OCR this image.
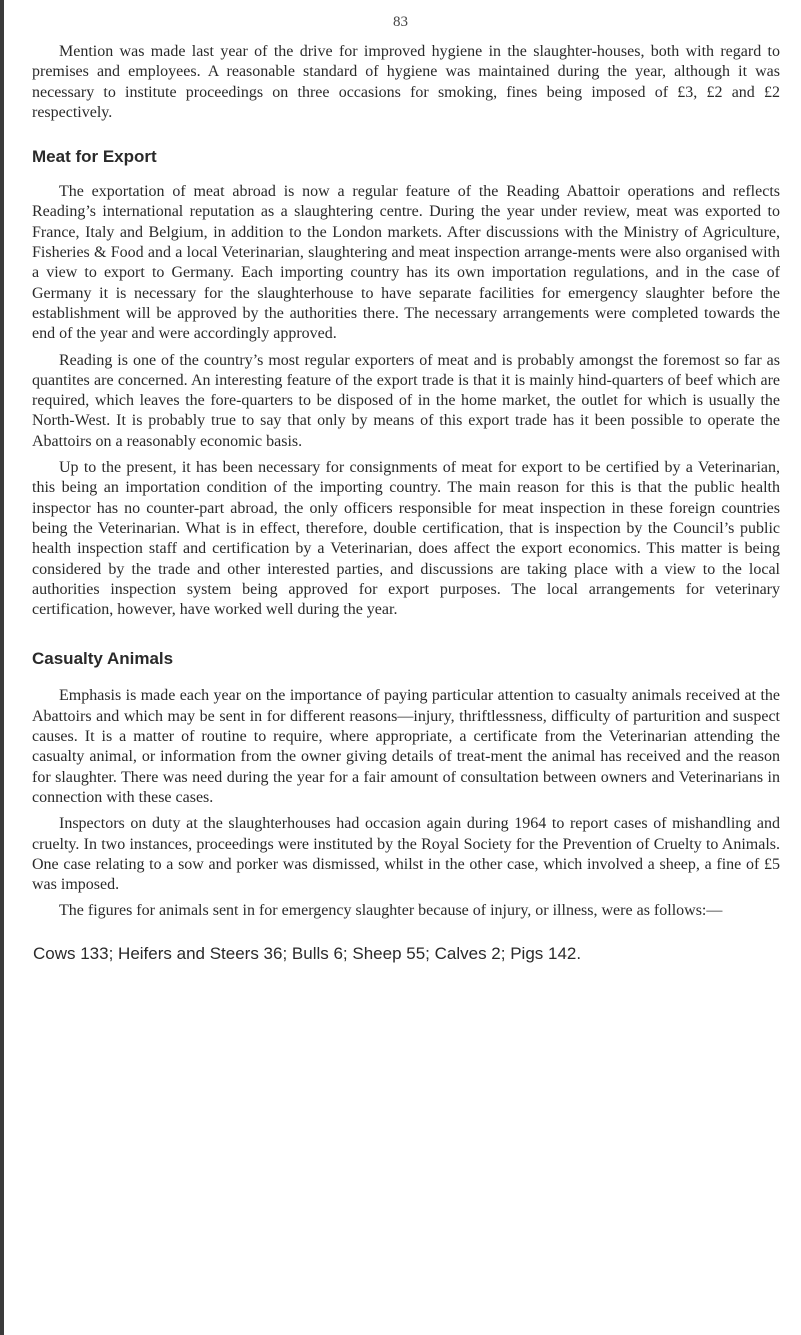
83

Mention was made last year of the drive for improved hygiene in the slaughter-houses, both with regard to premises and employees. A reasonable standard of hygiene was maintained during the year, although it was necessary to institute proceedings on three occasions for smoking, fines being imposed of £3, £2 and £2 respectively.

Meat for Export

The exportation of meat abroad is now a regular feature of the Reading Abattoir operations and reflects Reading’s international reputation as a slaughtering centre. During the year under review, meat was exported to France, Italy and Belgium, in addition to the London markets. After discussions with the Ministry of Agriculture, Fisheries & Food and a local Veterinarian, slaughtering and meat inspection arrange-ments were also organised with a view to export to Germany. Each importing country has its own importation regulations, and in the case of Germany it is necessary for the slaughterhouse to have separate facilities for emergency slaughter before the establishment will be approved by the authorities there. The necessary arrangements were completed towards the end of the year and were accordingly approved.

Reading is one of the country’s most regular exporters of meat and is probably amongst the foremost so far as quantites are concerned. An interesting feature of the export trade is that it is mainly hind-quarters of beef which are required, which leaves the fore-quarters to be disposed of in the home market, the outlet for which is usually the North-West. It is probably true to say that only by means of this export trade has it been possible to operate the Abattoirs on a reasonably economic basis.

Up to the present, it has been necessary for consignments of meat for export to be certified by a Veterinarian, this being an importation condition of the importing country. The main reason for this is that the public health inspector has no counter-part abroad, the only officers responsible for meat inspection in these foreign countries being the Veterinarian. What is in effect, therefore, double certification, that is inspection by the Council’s public health inspection staff and certification by a Veterinarian, does affect the export economics. This matter is being considered by the trade and other interested parties, and discussions are taking place with a view to the local authorities inspection system being approved for export purposes. The local arrangements for veterinary certification, however, have worked well during the year.

Casualty Animals

Emphasis is made each year on the importance of paying particular attention to casualty animals received at the Abattoirs and which may be sent in for different reasons—injury, thriftlessness, difficulty of parturition and suspect causes. It is a matter of routine to require, where appropriate, a certificate from the Veterinarian attending the casualty animal, or information from the owner giving details of treat-ment the animal has received and the reason for slaughter. There was need during the year for a fair amount of consultation between owners and Veterinarians in connection with these cases.

Inspectors on duty at the slaughterhouses had occasion again during 1964 to report cases of mishandling and cruelty. In two instances, proceedings were instituted by the Royal Society for the Prevention of Cruelty to Animals. One case relating to a sow and porker was dismissed, whilst in the other case, which involved a sheep, a fine of £5 was imposed.

The figures for animals sent in for emergency slaughter because of injury, or illness, were as follows:—

Cows 133; Heifers and Steers 36; Bulls 6; Sheep 55; Calves 2; Pigs 142.
